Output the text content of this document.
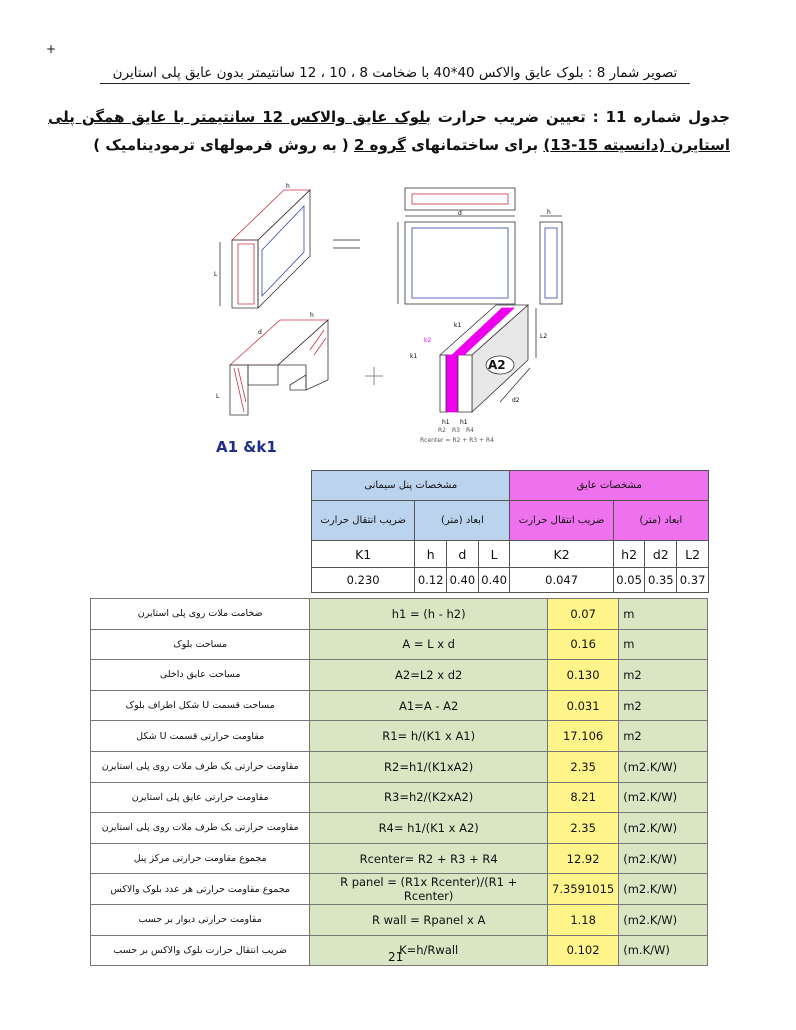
+
تصویر شمار 8 : بلوک عایق والاکس 40*40 با ضخامت 8 ، 10 ، 12 سانتیمتر بدون عایق پلی استایرن
جدول شماره 11 : تعیین ضریب حرارت بلوک عایق والاکس 12 سانتیمتر با عایق همگن پلی استایرن (دانسیته 15-13) برای ساختمانهای گروه 2 ( به روش فرمولهای ترمودینامیک )
h
L
d	h
d
h
L
A1 &k1
A2
k1
k2
k1
L2
d2
h1 h1
R2 R3 R4
Rcenter = R2 + R3 + R4
مشخصات پنل سیمانی				مشخصات عایق			
ضریب انتقال حرارت	ابعاد (متر)			ضریب انتقال حرارت	ابعاد (متر)		
K1	h	d	L	K2	h2	d2	L2
0.230	0.12	0.40	0.40	0.047	0.05	0.35	0.37
ضخامت ملات روی پلی استایرن	h1 = (h - h2)	0.07	m
مساحت بلوک	A = L x d	0.16	m
مساحت عایق داخلی	A2=L2 x d2	0.130	m2
مساحت قسمت U شکل اطراف بلوک	A1=A - A2	0.031	m2
مقاومت حرارتی قسمت U شکل	R1= h/(K1 x A1)	17.106	m2
مقاومت حرارتی یک طرف ملات روی پلی استایرن	R2=h1/(K1xA2)	2.35	(m2.K/W)
مقاومت حرارتی عایق پلی استایرن	R3=h2/(K2xA2)	8.21	(m2.K/W)
مقاومت حرارتی یک طرف ملات روی پلی استایرن	R4= h1/(K1 x A2)	2.35	(m2.K/W)
مجموع مقاومت حرارتی مرکز پنل	Rcenter= R2 + R3 + R4	12.92	(m2.K/W)
مجموع مقاومت حرارتی هر عدد بلوک والاکس	R panel = (R1x Rcenter)/(R1 + Rcenter)	7.3591015	(m2.K/W)
مقاومت حرارتی دیوار بر حسب	R wall = Rpanel x A	1.18	(m2.K/W)
ضریب انتقال حرارت بلوک والاکس بر حسب	K=h/Rwall	0.102	(m.K/W)
21
